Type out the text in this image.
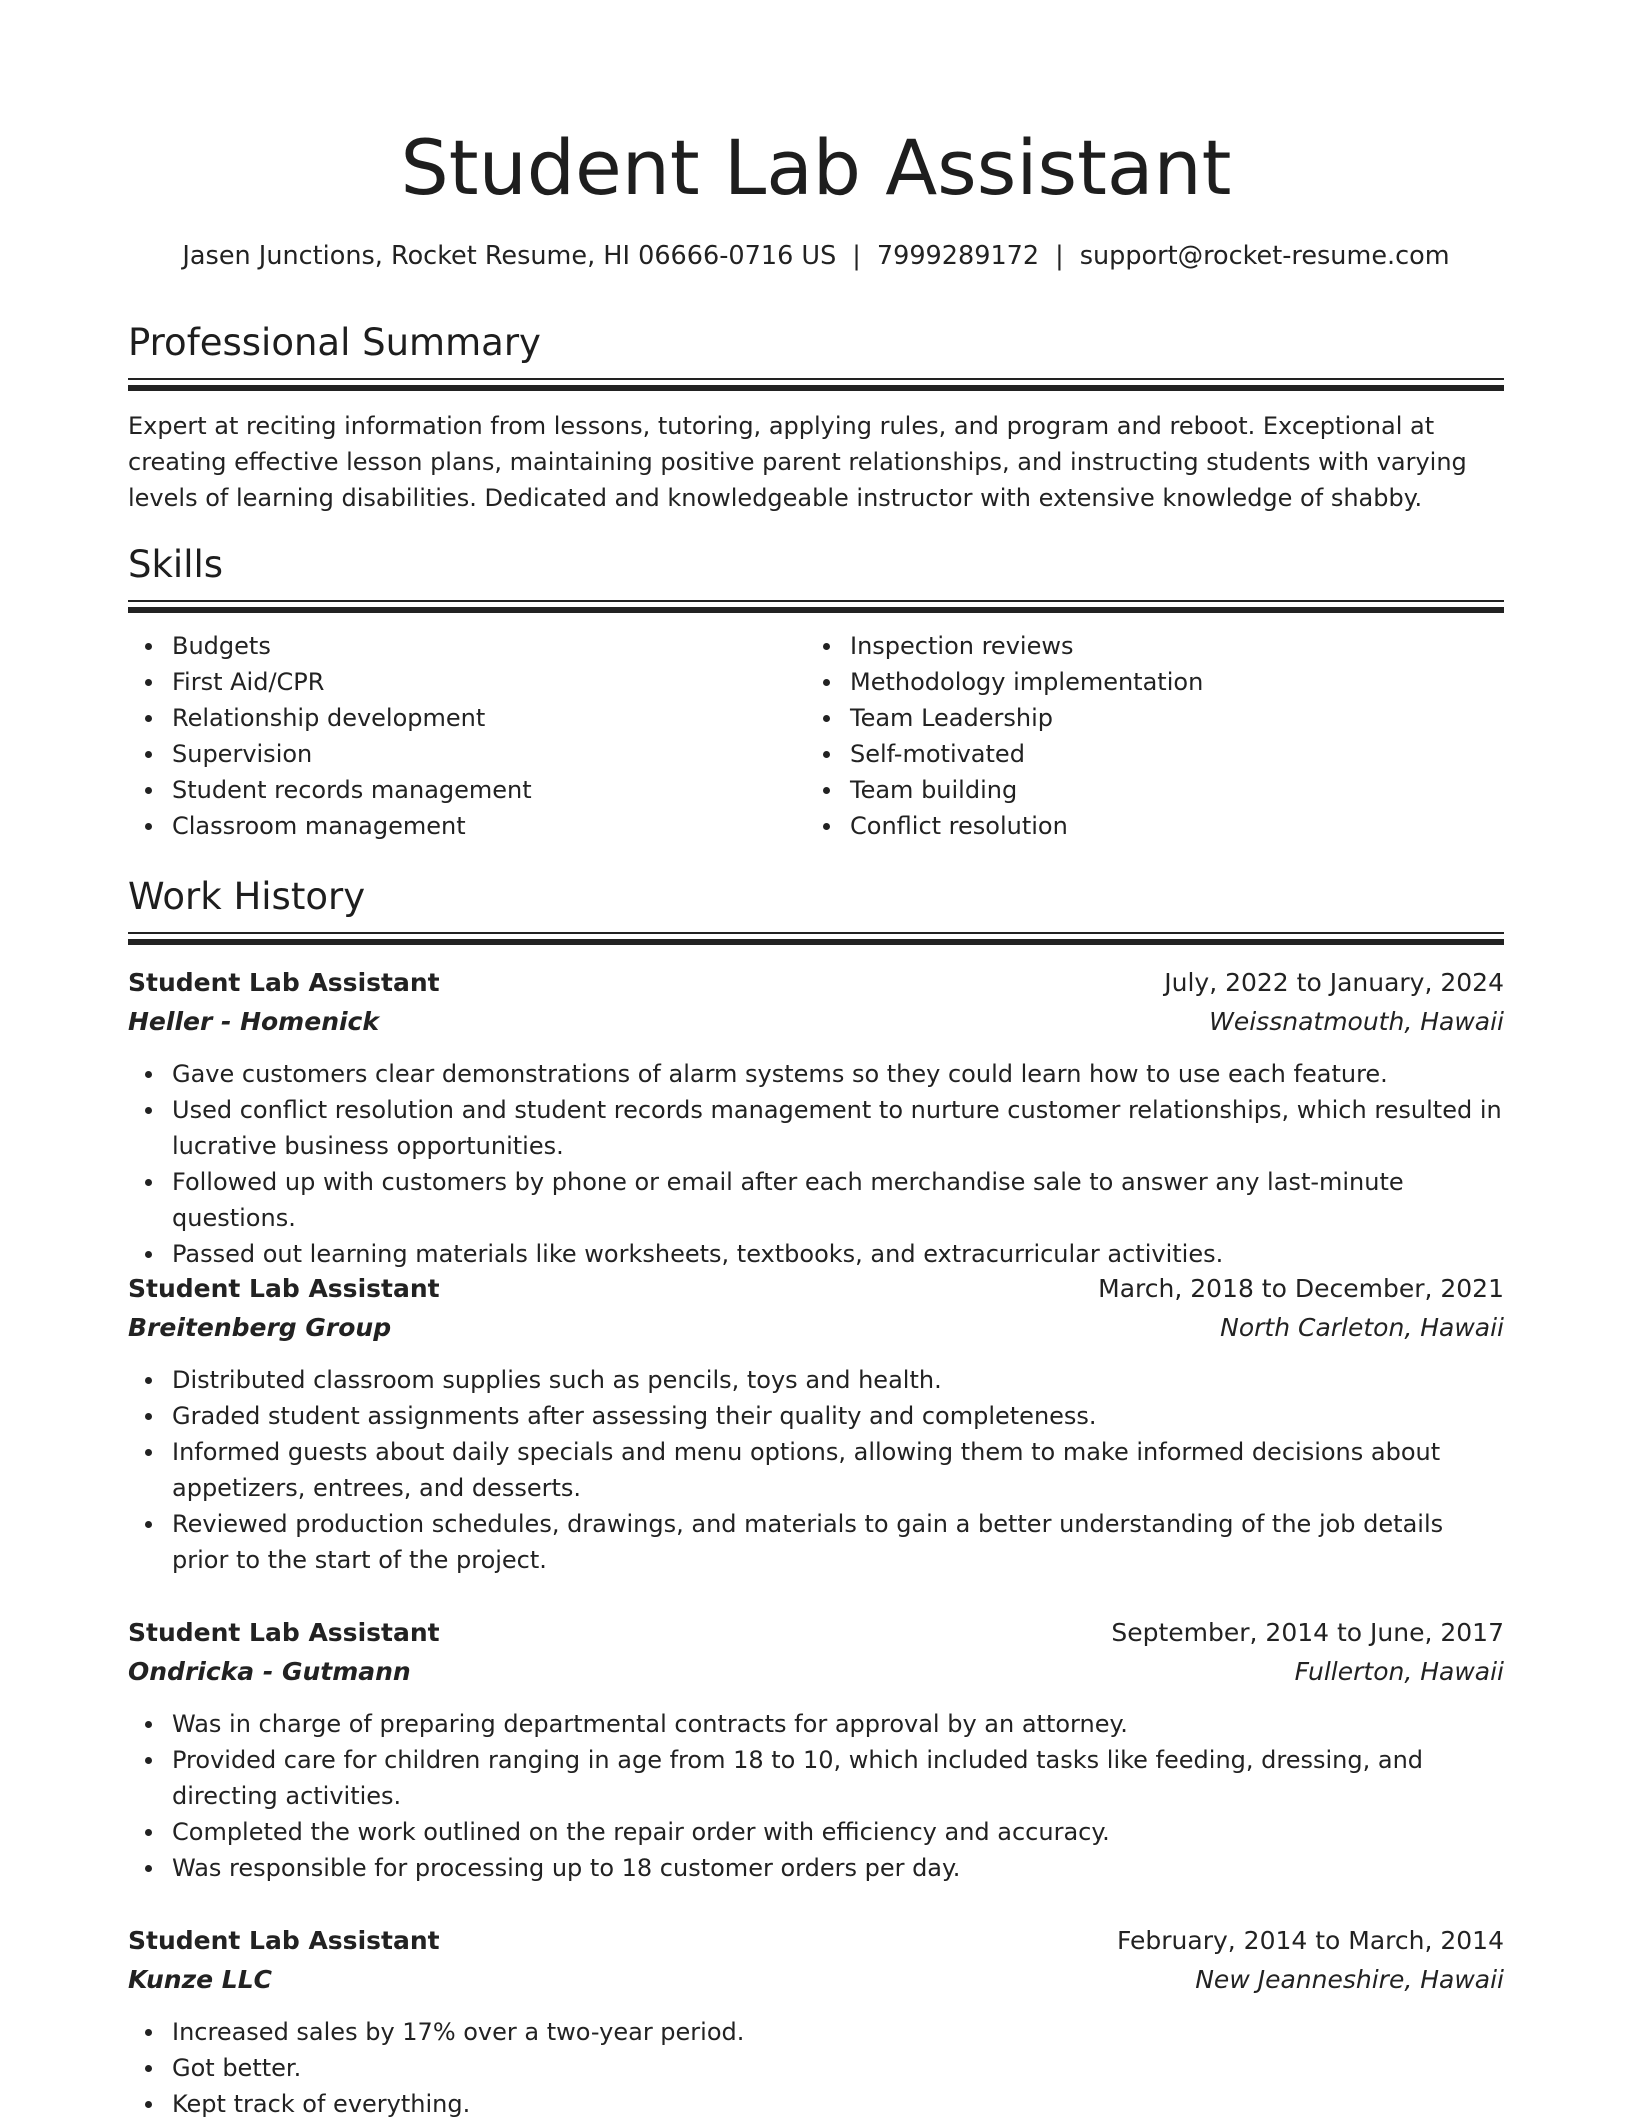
Student Lab Assistant
Jasen Junctions, Rocket Resume, HI 06666-0716 US | 7999289172 | support@rocket-resume.com
Professional Summary

Expert at reciting information from lessons, tutoring, applying rules, and program and reboot. Exceptional at creating effective lesson plans, maintaining positive parent relationships, and instructing students with varying levels of learning disabilities. Dedicated and knowledgeable instructor with extensive knowledge of shabby.

Skills
Budgets
First Aid/CPR
Relationship development
Supervision
Student records management
Classroom management
Inspection reviews
Methodology implementation
Team Leadership
Self-motivated
Team building
Conflict resolution
Work History
Student Lab Assistant	July, 2022 to January, 2024
Heller - Homenick	Weissnatmouth, Hawaii
Gave customers clear demonstrations of alarm systems so they could learn how to use each feature.
Used conflict resolution and student records management to nurture customer relationships, which resulted in lucrative business opportunities.
Followed up with customers by phone or email after each merchandise sale to answer any last-minute questions.
Passed out learning materials like worksheets, textbooks, and extracurricular activities.
Student Lab Assistant	March, 2018 to December, 2021
Breitenberg Group	North Carleton, Hawaii
Distributed classroom supplies such as pencils, toys and health.
Graded student assignments after assessing their quality and completeness.
Informed guests about daily specials and menu options, allowing them to make informed decisions about appetizers, entrees, and desserts.
Reviewed production schedules, drawings, and materials to gain a better understanding of the job details prior to the start of the project.
Student Lab Assistant	September, 2014 to June, 2017
Ondricka - Gutmann	Fullerton, Hawaii
Was in charge of preparing departmental contracts for approval by an attorney.
Provided care for children ranging in age from 18 to 10, which included tasks like feeding, dressing, and directing activities.
Completed the work outlined on the repair order with efficiency and accuracy.
Was responsible for processing up to 18 customer orders per day.
Student Lab Assistant	February, 2014 to March, 2014
Kunze LLC	New Jeanneshire, Hawaii
Increased sales by 17% over a two-year period.
Got better.
Kept track of everything.
